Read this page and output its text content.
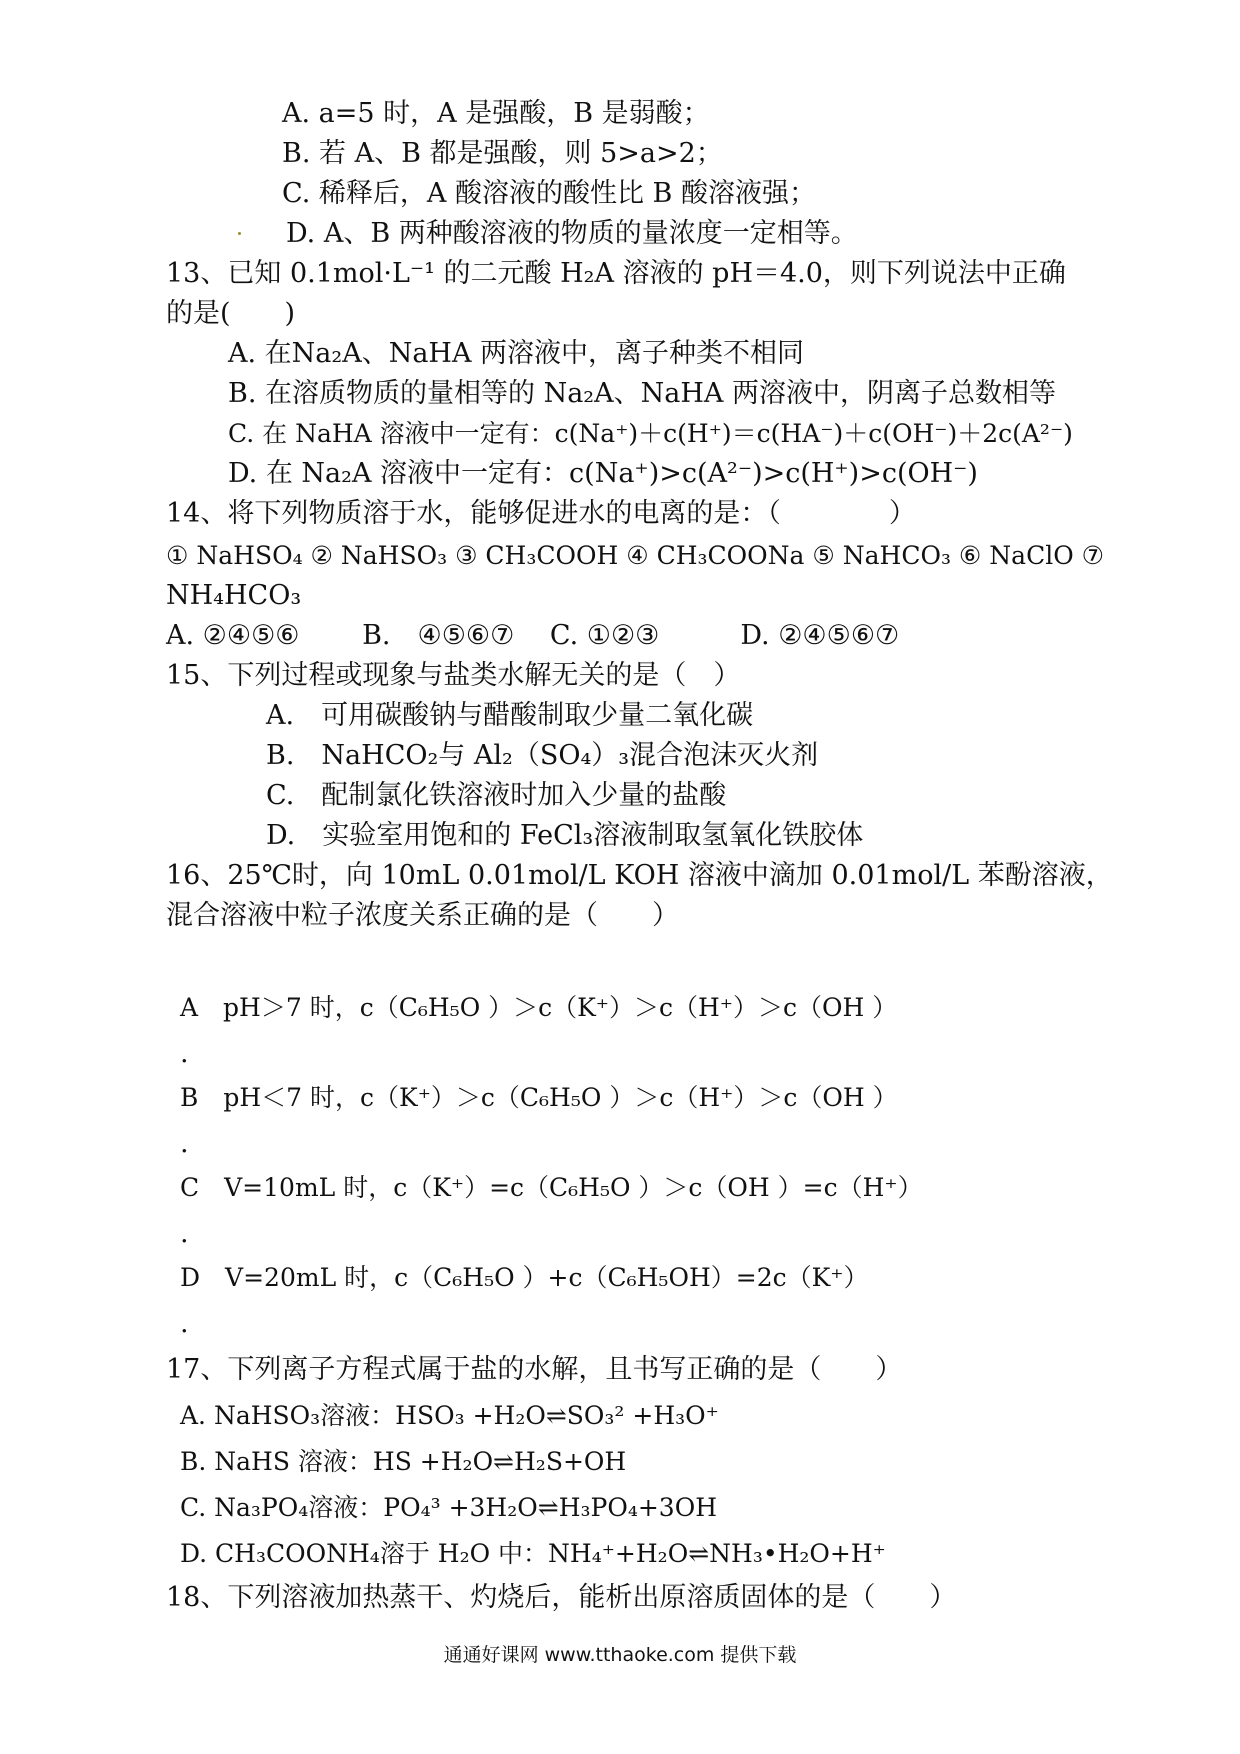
A. a=5 时，A 是强酸，B 是弱酸；
B. 若 A、B 都是强酸，则 5>a>2；
C. 稀释后，A 酸溶液的酸性比 B 酸溶液强；
D. A、B 两种酸溶液的物质的量浓度一定相等。
13、已知 0.1mol·L⁻¹ 的二元酸 H₂A 溶液的 pH＝4.0，则下列说法中正确
的是(　　)
A. 在Na₂A、NaHA 两溶液中，离子种类不相同
B. 在溶质物质的量相等的 Na₂A、NaHA 两溶液中，阴离子总数相等
C. 在 NaHA 溶液中一定有：c(Na⁺)＋c(H⁺)＝c(HA⁻)＋c(OH⁻)＋2c(A²⁻)
D. 在 Na₂A 溶液中一定有：c(Na⁺)>c(A²⁻)>c(H⁺)>c(OH⁻)
14、将下列物质溶于水，能够促进水的电离的是：（　　　　）
① NaHSO₄ ② NaHSO₃ ③ CH₃COOH ④ CH₃COONa ⑤ NaHCO₃ ⑥ NaClO ⑦
NH₄HCO₃
A. ②④⑤⑥　　 B.　④⑤⑥⑦　 C. ①②③　　　D. ②④⑤⑥⑦
15、下列过程或现象与盐类水解无关的是（　）
A.　可用碳酸钠与醋酸制取少量二氧化碳
B.　NaHCO₂与 Al₂（SO₄）₃混合泡沫灭火剂
C.　配制氯化铁溶液时加入少量的盐酸
D.　实验室用饱和的 FeCl₃溶液制取氢氧化铁胶体
16、25℃时，向 10mL 0.01mol/L KOH 溶液中滴加 0.01mol/L 苯酚溶液，
混合溶液中粒子浓度关系正确的是（　　）
A　pH＞7 时，c（C₆H₅O ）＞c（K⁺）＞c（H⁺）＞c（OH ）
.
B　pH＜7 时，c（K⁺）＞c（C₆H₅O ）＞c（H⁺）＞c（OH ）
.
C　V=10mL 时，c（K⁺）=c（C₆H₅O ）＞c（OH ）=c（H⁺）
.
D　V=20mL 时，c（C₆H₅O ）+c（C₆H₅OH）=2c（K⁺）
.
17、下列离子方程式属于盐的水解，且书写正确的是（　　）
A. NaHSO₃溶液：HSO₃ +H₂O⇌SO₃² +H₃O⁺
B. NaHS 溶液：HS +H₂O⇌H₂S+OH
C. Na₃PO₄溶液：PO₄³ +3H₂O⇌H₃PO₄+3OH
D. CH₃COONH₄溶于 H₂O 中：NH₄⁺+H₂O⇌NH₃•H₂O+H⁺
18、下列溶液加热蒸干、灼烧后，能析出原溶质固体的是（　　）
通通好课网 www.tthaoke.com 提供下载
